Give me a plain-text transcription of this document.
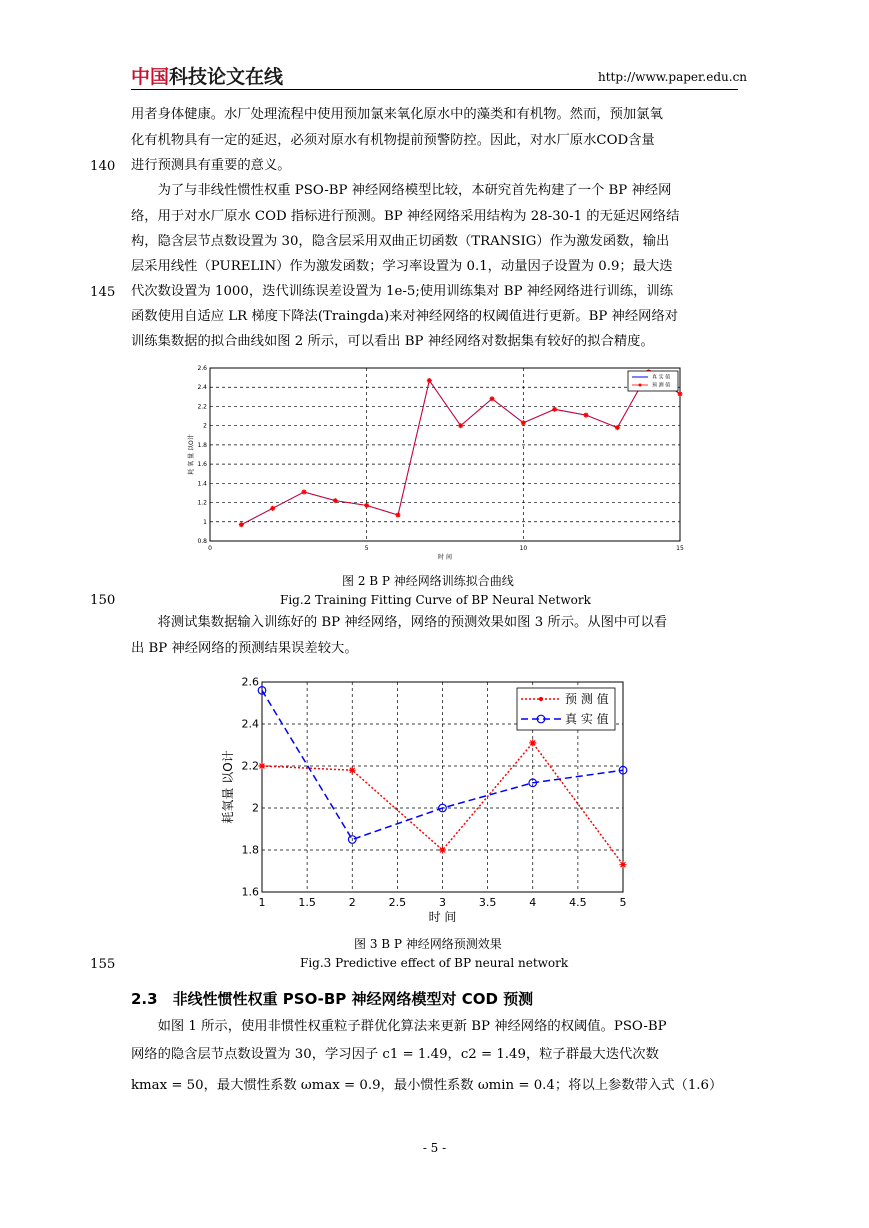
中国科技论文在线	http://www.paper.edu.cn
用者身体健康。水厂处理流程中使用预加氯来氧化原水中的藻类和有机物。然而，预加氯氧
化有机物具有一定的延迟，必须对原水有机物提前预警防控。因此，对水厂原水COD含量
进行预测具有重要的意义。
　　为了与非线性惯性权重 PSO-BP 神经网络模型比较，本研究首先构建了一个 BP 神经网
络，用于对水厂原水 COD 指标进行预测。BP 神经网络采用结构为 28-30-1 的无延迟网络结
构，隐含层节点数设置为 30，隐含层采用双曲正切函数（TRANSIG）作为激发函数，输出
层采用线性（PURELIN）作为激发函数；学习率设置为 0.1，动量因子设置为 0.9；最大迭
代次数设置为 1000，迭代训练误差设置为 1e-5;使用训练集对 BP 神经网络进行训练，训练
函数使用自适应 LR 梯度下降法(Traingda)来对神经网络的权阈值进行更新。BP 神经网络对
训练集数据的拟合曲线如图 2 所示，可以看出 BP 神经网络对数据集有较好的拟合精度。
140
145
150
155
0	5	10	15
0.8
1
1.2
1.4
1.6
1.8
2
2.2
2.4
2.6
时 间
耗 氧 量 以O计
真 实 值
预 测 值
图 2 B P 神经网络训练拟合曲线
Fig.2 Training Fitting Curve of BP Neural Network
　　将测试集数据输入训练好的 BP 神经网络，网络的预测效果如图 3 所示。从图中可以看
出 BP 神经网络的预测结果误差较大。
1	1.5	2	2.5	3	3.5	4	4.5	5
1.6
1.8
2
2.2
2.4
2.6
时 间
耗氧量 以O计
预 测 值
真 实 值
图 3 B P 神经网络预测效果
Fig.3 Predictive effect of BP neural network
2.3　非线性惯性权重 PSO-BP 神经网络模型对 COD 预测
　　如图 1 所示，使用非惯性权重粒子群优化算法来更新 BP 神经网络的权阈值。PSO-BP
网络的隐含层节点数设置为 30，学习因子 c1 = 1.49，c2 = 1.49，粒子群最大迭代次数
kmax = 50，最大惯性系数 ωmax = 0.9，最小惯性系数 ωmin = 0.4；将以上参数带入式（1.6）
- 5 -
